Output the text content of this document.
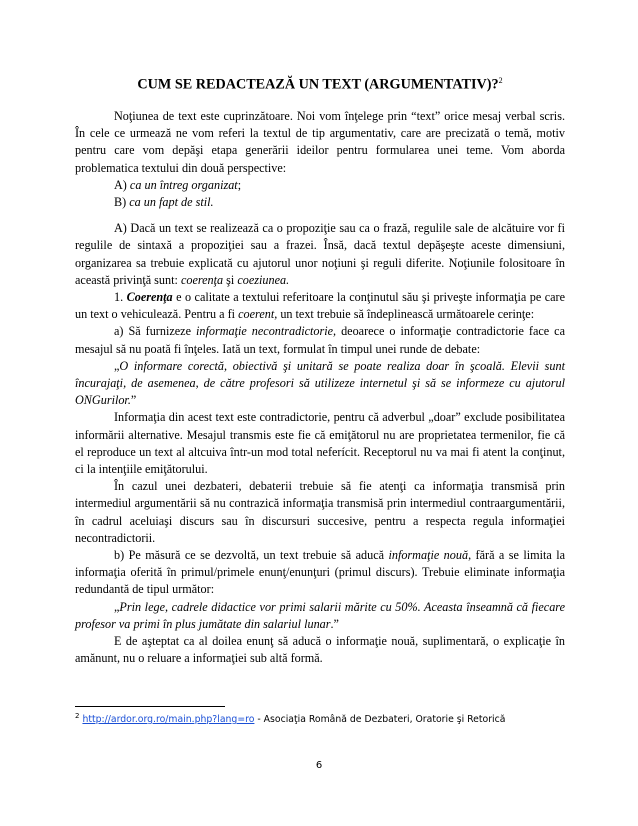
CUM SE REDACTEAZĂ UN TEXT (ARGUMENTATIV)?$^2$

Noţiunea de text este cuprinzătoare. Noi vom înţelege prin “text” orice mesaj verbal scris. În cele ce urmează ne vom referi la textul de tip argumentativ, care are precizată o temă, motiv pentru care vom depăşi etapa generării ideilor pentru formularea unei teme. Vom aborda problematica textului din două perspective:

A) ca un întreg organizat;

B) ca un fapt de stil.

A) Dacă un text se realizează ca o propoziţie sau ca o frază, regulile sale de alcătuire vor fi regulile de sintaxă a propoziţiei sau a frazei. Însă, dacă textul depăşeşte aceste dimensiuni, organizarea sa trebuie explicată cu ajutorul unor noţiuni şi reguli diferite. Noţiunile folositoare în această privinţă sunt: coerenţa şi coeziunea.

1. Coerenţa e o calitate a textului referitoare la conţinutul său şi priveşte informaţia pe care un text o vehiculează. Pentru a fi coerent, un text trebuie să îndeplinească următoarele cerinţe:

a) Să furnizeze informaţie necontradictorie, deoarece o informaţie contradictorie face ca mesajul să nu poată fi înţeles. Iată un text, formulat în timpul unei runde de debate:

„O informare corectă, obiectivă şi unitară se poate realiza doar în şcoală. Elevii sunt încurajaţi, de asemenea, de către profesori să utilizeze internetul şi să se informeze cu ajutorul ONGurilor.”

Informaţia din acest text este contradictorie, pentru că adverbul „doar” exclude posibilitatea informării alternative. Mesajul transmis este fie că emiţătorul nu are proprietatea termenilor, fie că el reproduce un text al altcuiva într-un mod total neferícit. Receptorul nu va mai fi atent la conţinut, ci la intenţiile emiţătorului.

În cazul unei dezbateri, debaterii trebuie să fie atenţi ca informaţia transmisă prin intermediul argumentării să nu contrazică informaţia transmisă prin intermediul contraargumentării, în cadrul aceluiaşi discurs sau în discursuri succesive, pentru a respecta regula informaţiei necontradictorii.

b) Pe măsură ce se dezvoltă, un text trebuie să aducă informaţie nouă, fără a se limita la informaţia oferită în primul/primele enunţ/enunţuri (primul discurs). Trebuie eliminate informaţia redundantă de tipul următor:

„Prin lege, cadrele didactice vor primi salarii mărite cu 50%. Aceasta înseamnă că fiecare profesor va primi în plus jumătate din salariul lunar.”

E de aşteptat ca al doilea enunţ să aducă o informaţie nouă, suplimentară, o explicaţie în amănunt, nu o reluare a informaţiei sub altă formă.

$^2$ http://ardor.org.ro/main.php?lang=ro - Asociaţia Română de Dezbateri, Oratorie şi Retorică
6
